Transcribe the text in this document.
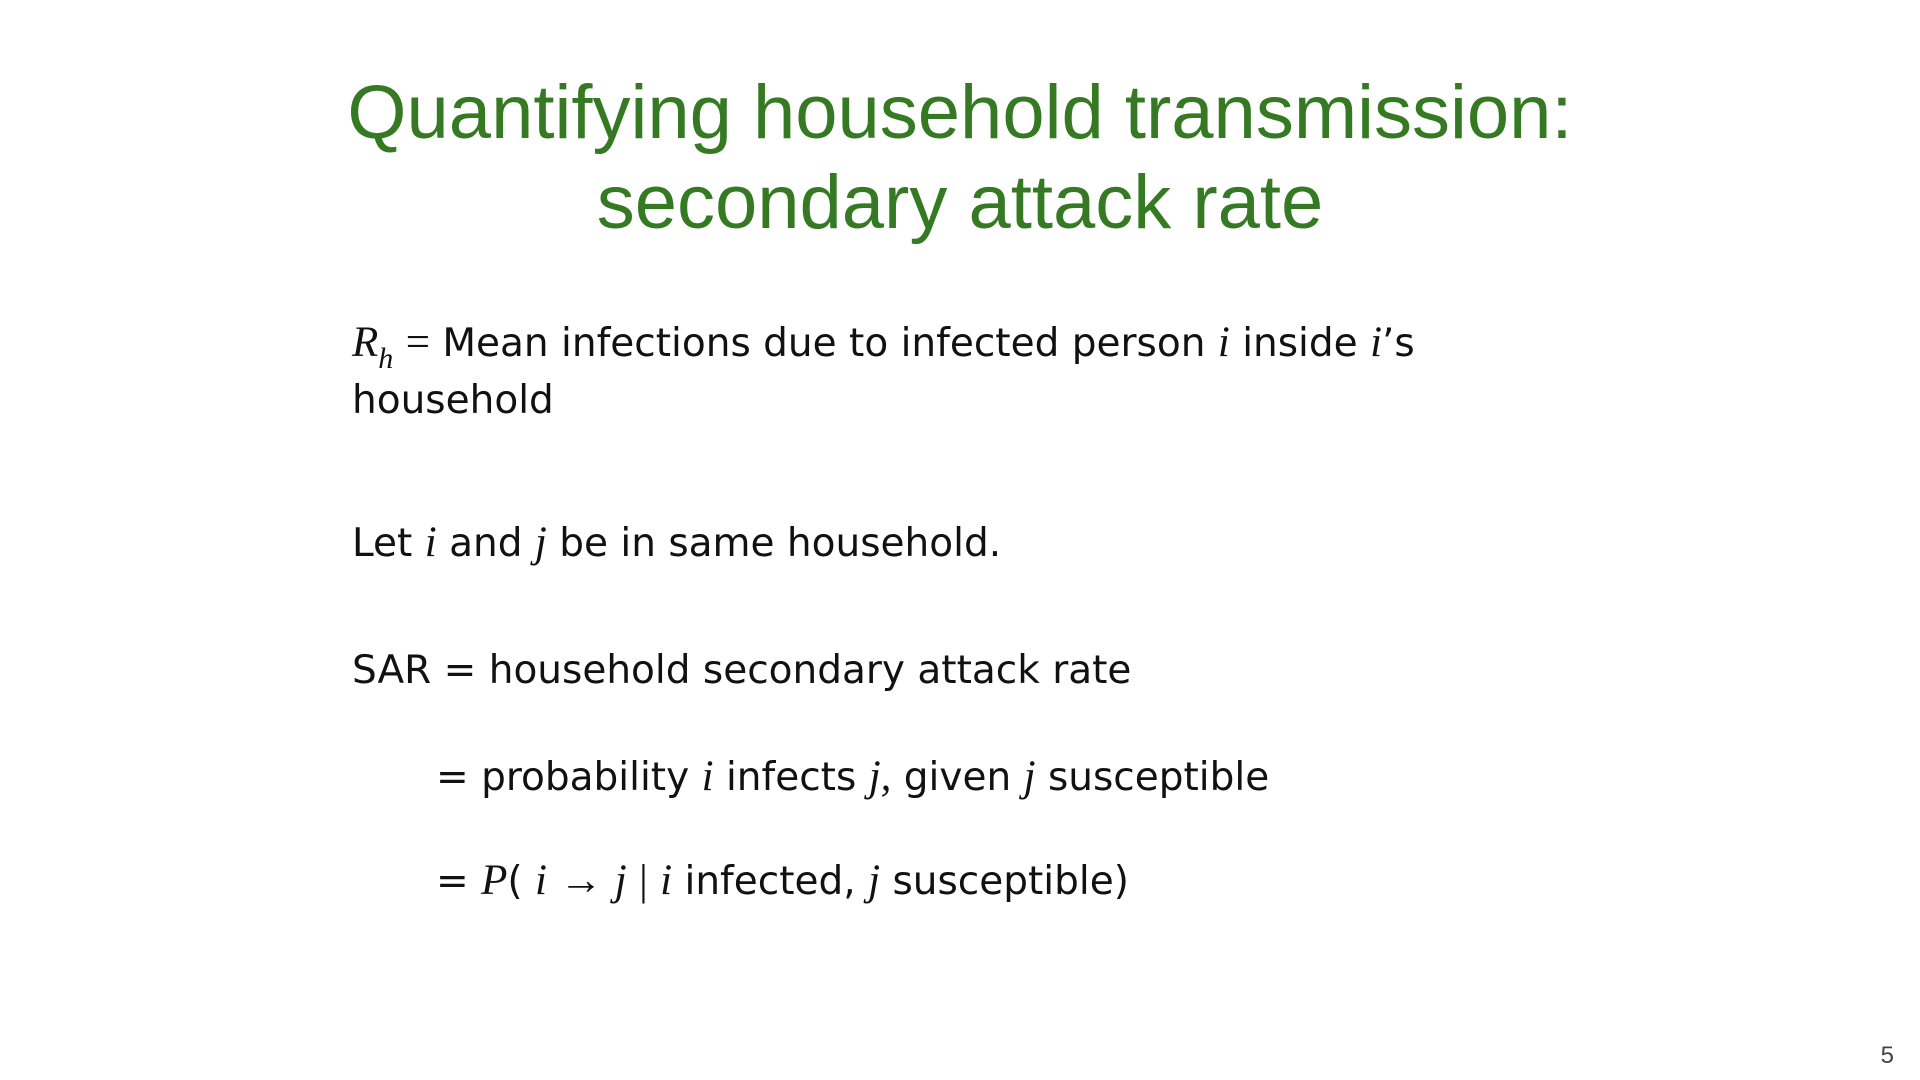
Quantifying household transmission:
secondary attack rate
$R_h$ = Mean infections due to infected person i inside i’s
household
Let i and j be in same household.
SAR = household secondary attack rate
= probability i infects j, given j susceptible
= P( i → j | i infected, j susceptible)
5
